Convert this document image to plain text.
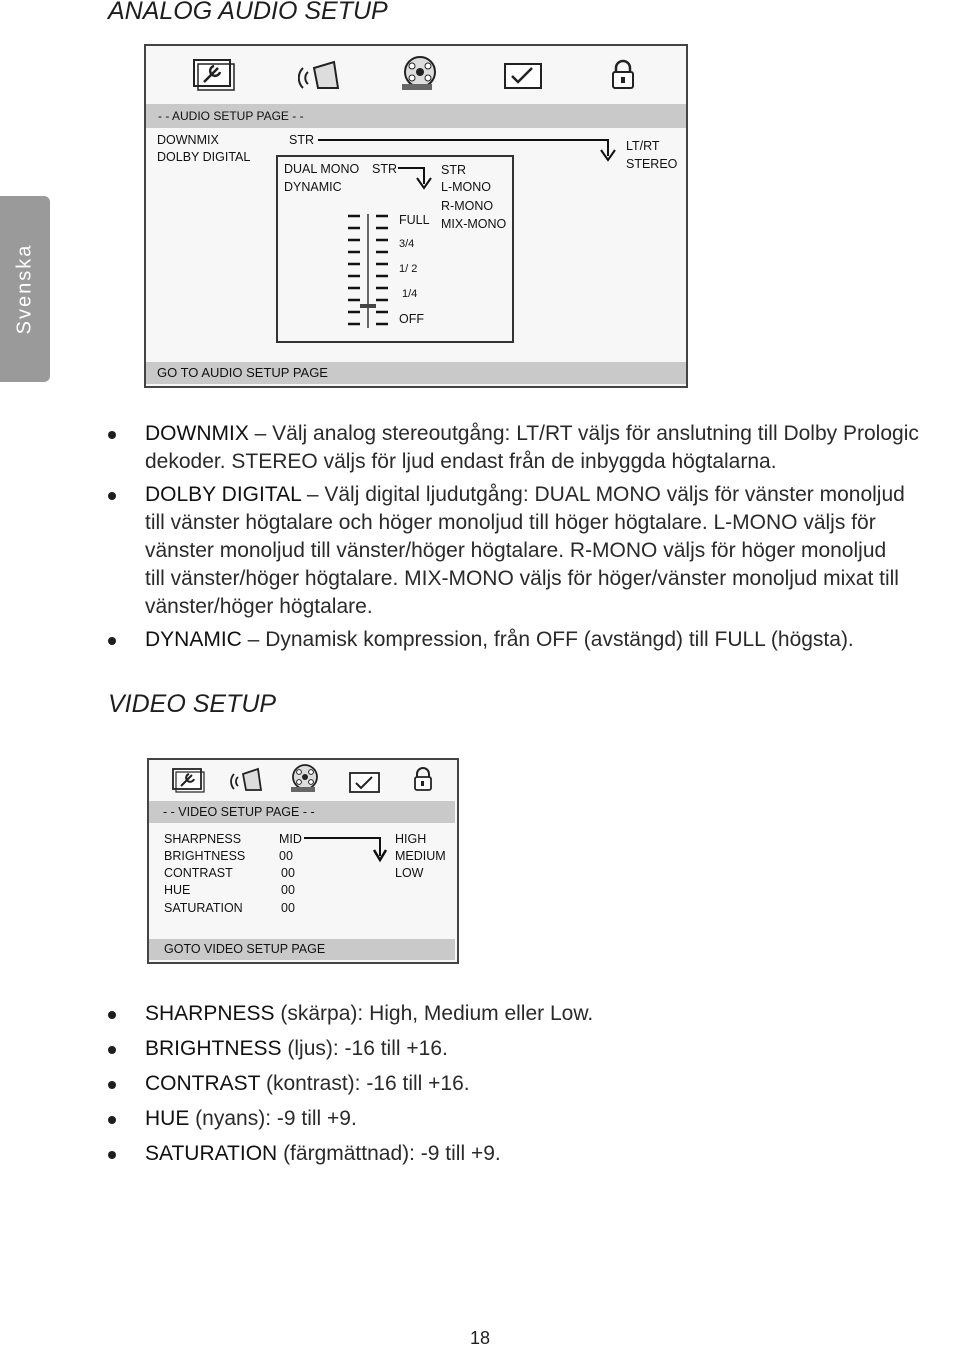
Svenska
ANALOG AUDIO SETUP
- - AUDIO SETUP PAGE - -
DOWNMIX
DOLBY DIGITAL
STR	LT/RT
STEREO
DUAL MONO
DYNAMIC
STR	STR
L-MONO
R-MONO
MIX-MONO
FULL
3/4
1/ 2
1/4
OFF
GO TO AUDIO SETUP PAGE
DOWNMIX – Välj analog stereoutgång: LT/RT väljs för anslutning till Dolby Prologic
dekoder. STEREO väljs för ljud endast från de inbyggda högtalarna.
DOLBY DIGITAL – Välj digital ljudutgång: DUAL MONO väljs för vänster monoljud
till vänster högtalare och höger monoljud till höger högtalare. L-MONO väljs för
vänster monoljud till vänster/höger högtalare. R-MONO väljs för höger monoljud
till vänster/höger högtalare. MIX-MONO väljs för höger/vänster monoljud mixat till
vänster/höger högtalare.
DYNAMIC – Dynamisk kompression, från OFF (avstängd) till FULL (högsta).
VIDEO SETUP
- - VIDEO SETUP PAGE - -
SHARPNESS
BRIGHTNESS
CONTRAST
HUE
SATURATION
MID
00
00
00
00
HIGH
MEDIUM
LOW
GOTO VIDEO SETUP PAGE
SHARPNESS (skärpa): High, Medium eller Low.
BRIGHTNESS (ljus): -16 till +16.
CONTRAST (kontrast): -16 till +16.
HUE (nyans): -9 till +9.
SATURATION (färgmättnad): -9 till +9.
18
